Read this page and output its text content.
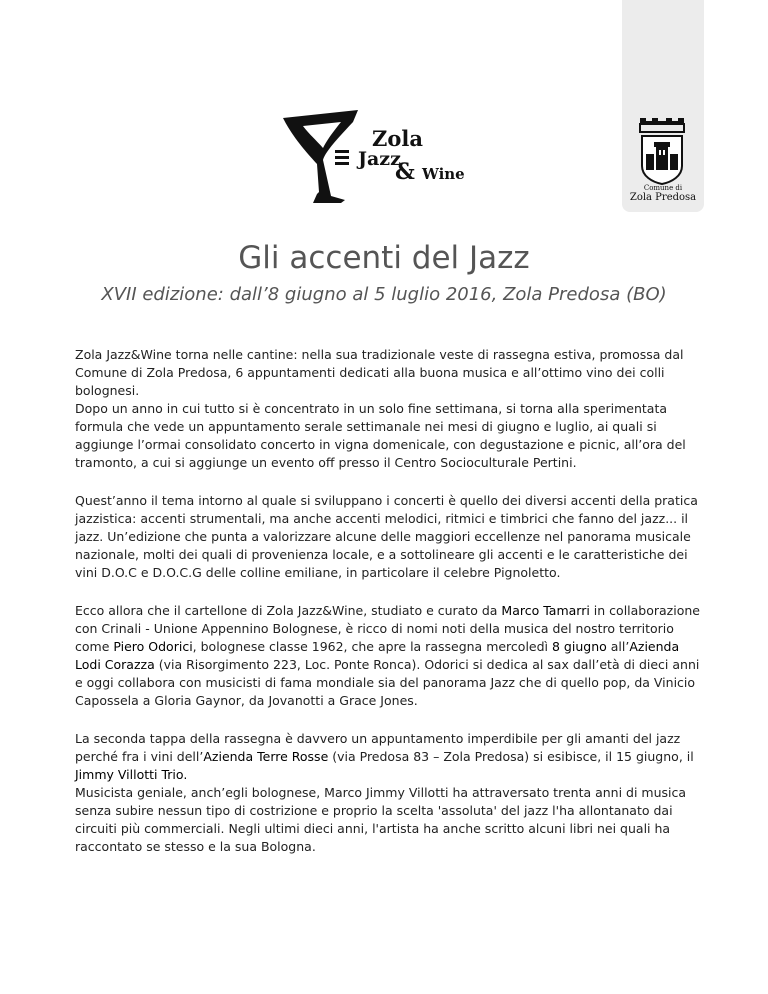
Zola
Jazz
& Wine
Comune di
Zola Predosa
Gli accenti del Jazz
XVII edizione: dall’8 giugno al 5 luglio 2016, Zola Predosa (BO)

Zola Jazz&Wine torna nelle cantine: nella sua tradizionale veste di rassegna estiva, promossa dal Comune di Zola Predosa, 6 appuntamenti dedicati alla buona musica e all’ottimo vino dei colli bolognesi.
Dopo un anno in cui tutto si è concentrato in un solo fine settimana, si torna alla sperimentata formula che vede un appuntamento serale settimanale nei mesi di giugno e luglio, ai quali si aggiunge l’ormai consolidato concerto in vigna domenicale, con degustazione e picnic, all’ora del tramonto, a cui si aggiunge un evento off presso il Centro Socioculturale Pertini.

Quest’anno il tema intorno al quale si sviluppano i concerti è quello dei diversi accenti della pratica jazzistica: accenti strumentali, ma anche accenti melodici, ritmici e timbrici che fanno del jazz... il jazz. Un’edizione che punta a valorizzare alcune delle maggiori eccellenze nel panorama musicale nazionale, molti dei quali di provenienza locale, e a sottolineare gli accenti e le caratteristiche dei vini D.O.C e D.O.C.G delle colline emiliane, in particolare il celebre Pignoletto.

Ecco allora che il cartellone di Zola Jazz&Wine, studiato e curato da Marco Tamarri in collaborazione con Crinali - Unione Appennino Bolognese, è ricco di nomi noti della musica del nostro territorio come Piero Odorici, bolognese classe 1962, che apre la rassegna mercoledì 8 giugno all’Azienda Lodi Corazza (via Risorgimento 223, Loc. Ponte Ronca). Odorici si dedica al sax dall’età di dieci anni e oggi collabora con musicisti di fama mondiale sia del panorama Jazz che di quello pop, da Vinicio Capossela a Gloria Gaynor, da Jovanotti a Grace Jones.

La seconda tappa della rassegna è davvero un appuntamento imperdibile per gli amanti del jazz perché fra i vini dell’Azienda Terre Rosse (via Predosa 83 – Zola Predosa) si esibisce, il 15 giugno, il Jimmy Villotti Trio.
Musicista geniale, anch’egli bolognese, Marco Jimmy Villotti ha attraversato trenta anni di musica senza subire nessun tipo di costrizione e proprio la scelta 'assoluta' del jazz l'ha allontanato dai circuiti più commerciali. Negli ultimi dieci anni, l'artista ha anche scritto alcuni libri nei quali ha raccontato se stesso e la sua Bologna.
